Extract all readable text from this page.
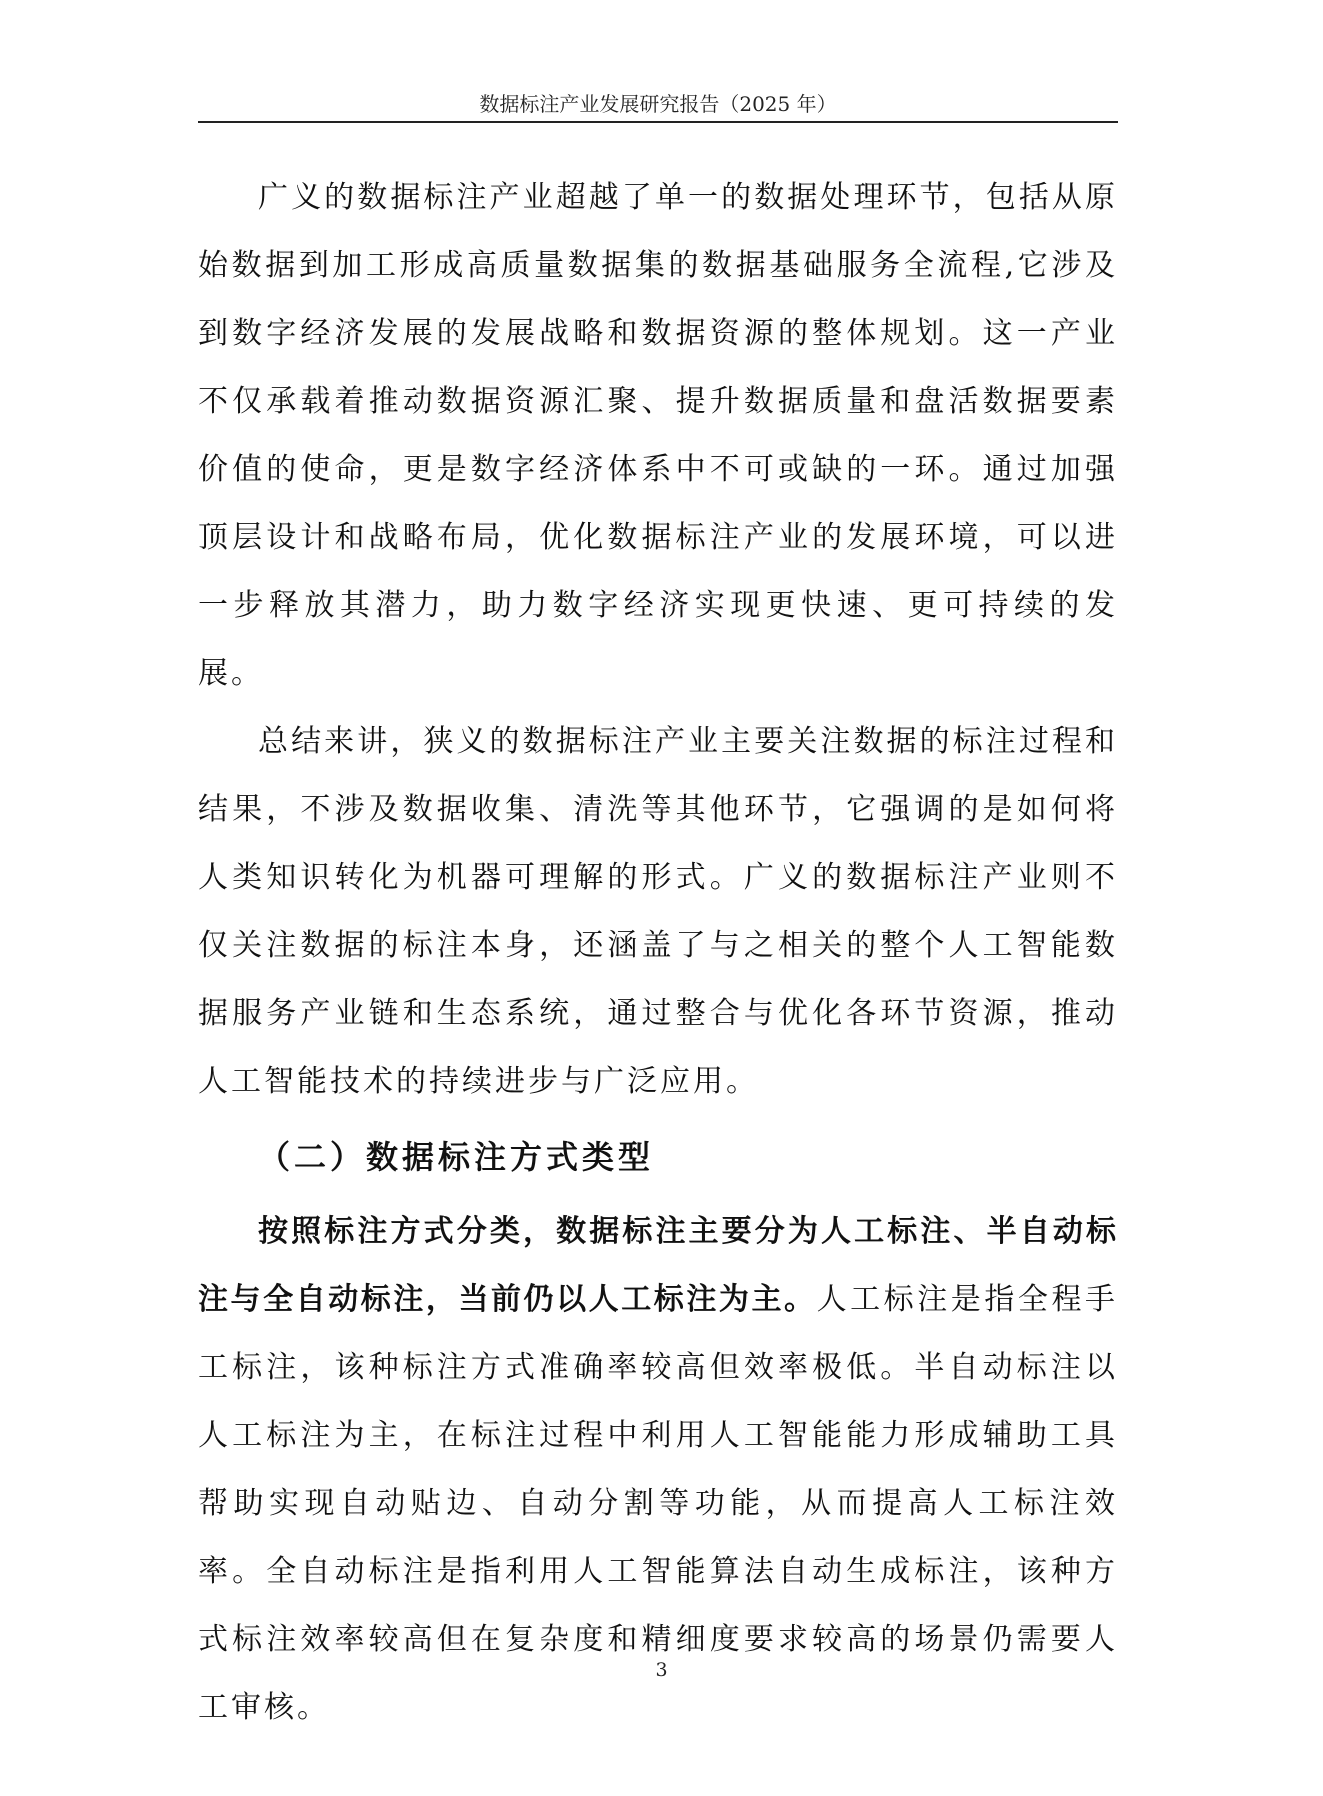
数据标注产业发展研究报告（2025 年）

广义的数据标注产业超越了单一的数据处理环节，包括从原始数据到加工形成高质量数据集的数据基础服务全流程,它涉及到数字经济发展的发展战略和数据资源的整体规划。这一产业不仅承载着推动数据资源汇聚、提升数据质量和盘活数据要素价值的使命，更是数字经济体系中不可或缺的一环。通过加强顶层设计和战略布局，优化数据标注产业的发展环境，可以进一步释放其潜力，助力数字经济实现更快速、更可持续的发展。

总结来讲，狭义的数据标注产业主要关注数据的标注过程和结果，不涉及数据收集、清洗等其他环节，它强调的是如何将人类知识转化为机器可理解的形式。广义的数据标注产业则不仅关注数据的标注本身，还涵盖了与之相关的整个人工智能数据服务产业链和生态系统，通过整合与优化各环节资源，推动人工智能技术的持续进步与广泛应用。

（二）数据标注方式类型

按照标注方式分类，数据标注主要分为人工标注、半自动标注与全自动标注，当前仍以人工标注为主。人工标注是指全程手工标注，该种标注方式准确率较高但效率极低。半自动标注以人工标注为主，在标注过程中利用人工智能能力形成辅助工具帮助实现自动贴边、自动分割等功能，从而提高人工标注效率。全自动标注是指利用人工智能算法自动生成标注，该种方式标注效率较高但在复杂度和精细度要求较高的场景仍需要人工审核。

3
